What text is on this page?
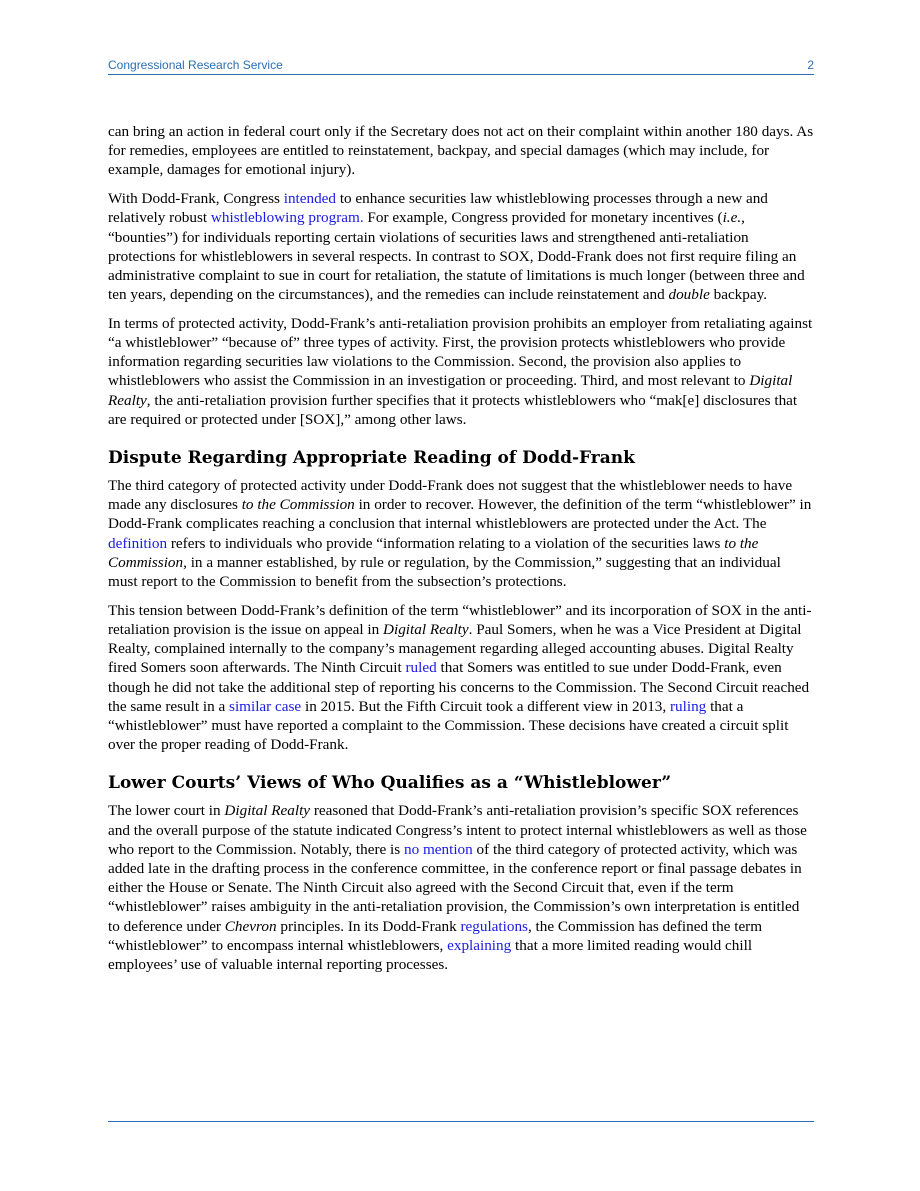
Congressional Research Service	2

can bring an action in federal court only if the Secretary does not act on their complaint within another 180 days. As for remedies, employees are entitled to reinstatement, backpay, and special damages (which may include, for example, damages for emotional injury).

With Dodd-Frank, Congress intended to enhance securities law whistleblowing processes through a new and relatively robust whistleblowing program. For example, Congress provided for monetary incentives (i.e., “bounties”) for individuals reporting certain violations of securities laws and strengthened anti-retaliation protections for whistleblowers in several respects. In contrast to SOX, Dodd-Frank does not first require filing an administrative complaint to sue in court for retaliation, the statute of limitations is much longer (between three and ten years, depending on the circumstances), and the remedies can include reinstatement and double backpay.

In terms of protected activity, Dodd-Frank’s anti-retaliation provision prohibits an employer from retaliating against “a whistleblower” “because of” three types of activity. First, the provision protects whistleblowers who provide information regarding securities law violations to the Commission. Second, the provision also applies to whistleblowers who assist the Commission in an investigation or proceeding. Third, and most relevant to Digital Realty, the anti-retaliation provision further specifies that it protects whistleblowers who “mak[e] disclosures that are required or protected under [SOX],” among other laws.

Dispute Regarding Appropriate Reading of Dodd-Frank

The third category of protected activity under Dodd-Frank does not suggest that the whistleblower needs to have made any disclosures to the Commission in order to recover. However, the definition of the term “whistleblower” in Dodd-Frank complicates reaching a conclusion that internal whistleblowers are protected under the Act. The definition refers to individuals who provide “information relating to a violation of the securities laws to the Commission, in a manner established, by rule or regulation, by the Commission,” suggesting that an individual must report to the Commission to benefit from the subsection’s protections.

This tension between Dodd-Frank’s definition of the term “whistleblower” and its incorporation of SOX in the anti-retaliation provision is the issue on appeal in Digital Realty. Paul Somers, when he was a Vice President at Digital Realty, complained internally to the company’s management regarding alleged accounting abuses. Digital Realty fired Somers soon afterwards. The Ninth Circuit ruled that Somers was entitled to sue under Dodd-Frank, even though he did not take the additional step of reporting his concerns to the Commission. The Second Circuit reached the same result in a similar case in 2015. But the Fifth Circuit took a different view in 2013, ruling that a “whistleblower” must have reported a complaint to the Commission. These decisions have created a circuit split over the proper reading of Dodd-Frank.

Lower Courts’ Views of Who Qualifies as a “Whistleblower”

The lower court in Digital Realty reasoned that Dodd-Frank’s anti-retaliation provision’s specific SOX references and the overall purpose of the statute indicated Congress’s intent to protect internal whistleblowers as well as those who report to the Commission. Notably, there is no mention of the third category of protected activity, which was added late in the drafting process in the conference committee, in the conference report or final passage debates in either the House or Senate. The Ninth Circuit also agreed with the Second Circuit that, even if the term “whistleblower” raises ambiguity in the anti-retaliation provision, the Commission’s own interpretation is entitled to deference under Chevron principles. In its Dodd-Frank regulations, the Commission has defined the term “whistleblower” to encompass internal whistleblowers, explaining that a more limited reading would chill employees’ use of valuable internal reporting processes.
